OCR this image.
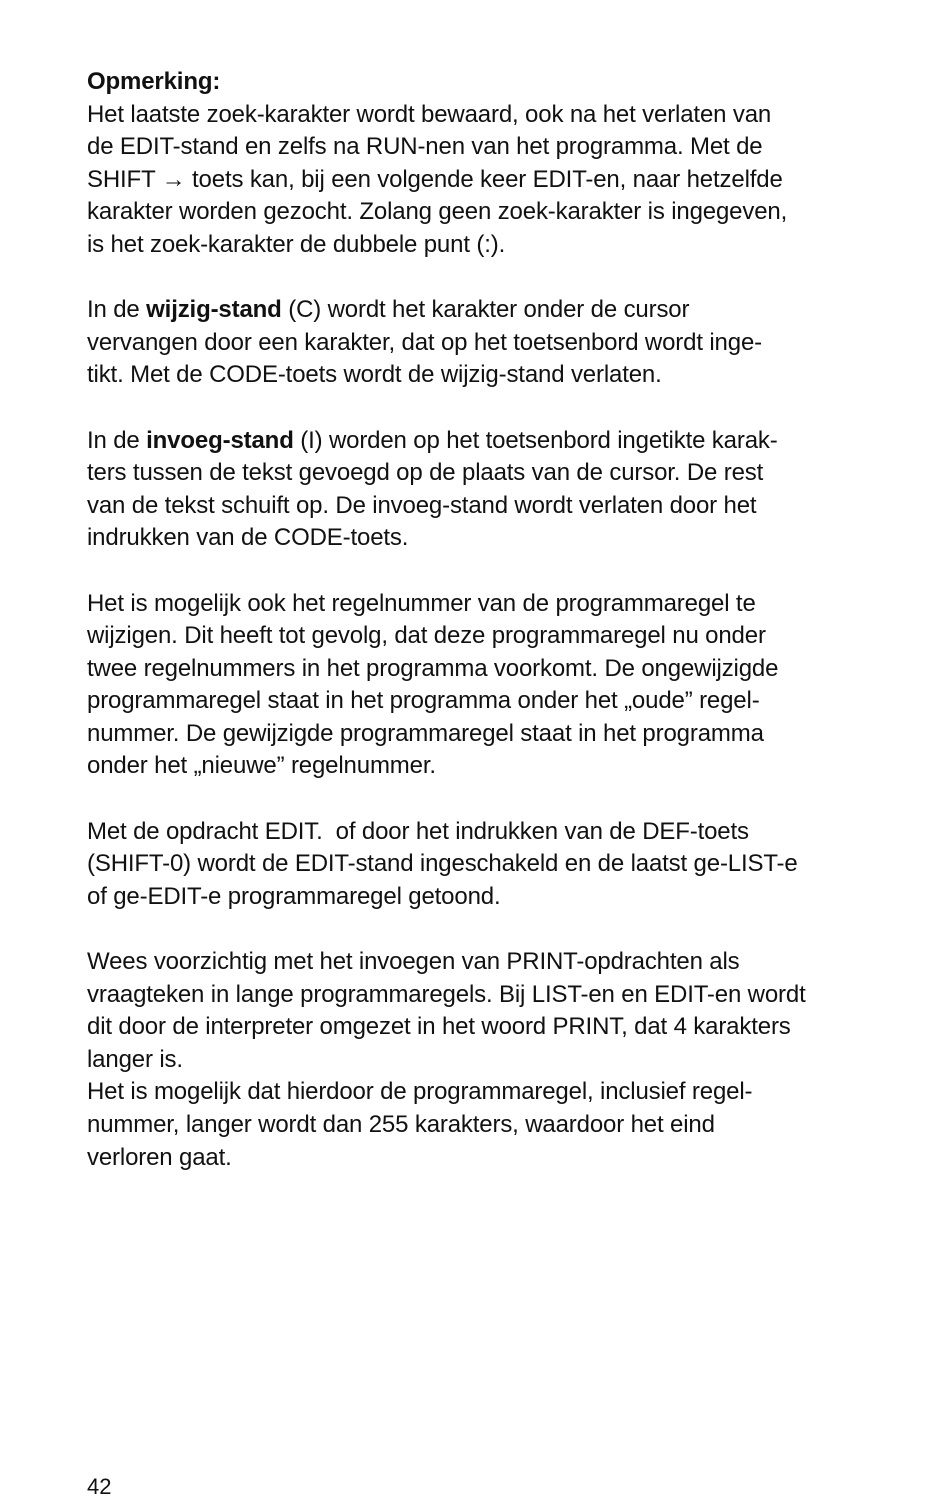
Opmerking:
Het laatste zoek-karakter wordt bewaard, ook na het verlaten van
de EDIT-stand en zelfs na RUN-nen van het programma. Met de
SHIFT → toets kan, bij een volgende keer EDIT-en, naar hetzelfde
karakter worden gezocht. Zolang geen zoek-karakter is ingegeven,
is het zoek-karakter de dubbele punt (:).
In de wijzig-stand (C) wordt het karakter onder de cursor
vervangen door een karakter, dat op het toetsenbord wordt inge-
tikt. Met de CODE-toets wordt de wijzig-stand verlaten.
In de invoeg-stand (I) worden op het toetsenbord ingetikte karak-
ters tussen de tekst gevoegd op de plaats van de cursor. De rest
van de tekst schuift op. De invoeg-stand wordt verlaten door het
indrukken van de CODE-toets.
Het is mogelijk ook het regelnummer van de programmaregel te
wijzigen. Dit heeft tot gevolg, dat deze programmaregel nu onder
twee regelnummers in het programma voorkomt. De ongewijzigde
programmaregel staat in het programma onder het „oude” regel-
nummer. De gewijzigde programmaregel staat in het programma
onder het „nieuwe” regelnummer.
Met de opdracht EDIT.  of door het indrukken van de DEF-toets
(SHIFT-0) wordt de EDIT-stand ingeschakeld en de laatst ge-LIST-e
of ge-EDIT-e programmaregel getoond.
Wees voorzichtig met het invoegen van PRINT-opdrachten als
vraagteken in lange programmaregels. Bij LIST-en en EDIT-en wordt
dit door de interpreter omgezet in het woord PRINT, dat 4 karakters
langer is.
Het is mogelijk dat hierdoor de programmaregel, inclusief regel-
nummer, langer wordt dan 255 karakters, waardoor het eind
verloren gaat.
42
